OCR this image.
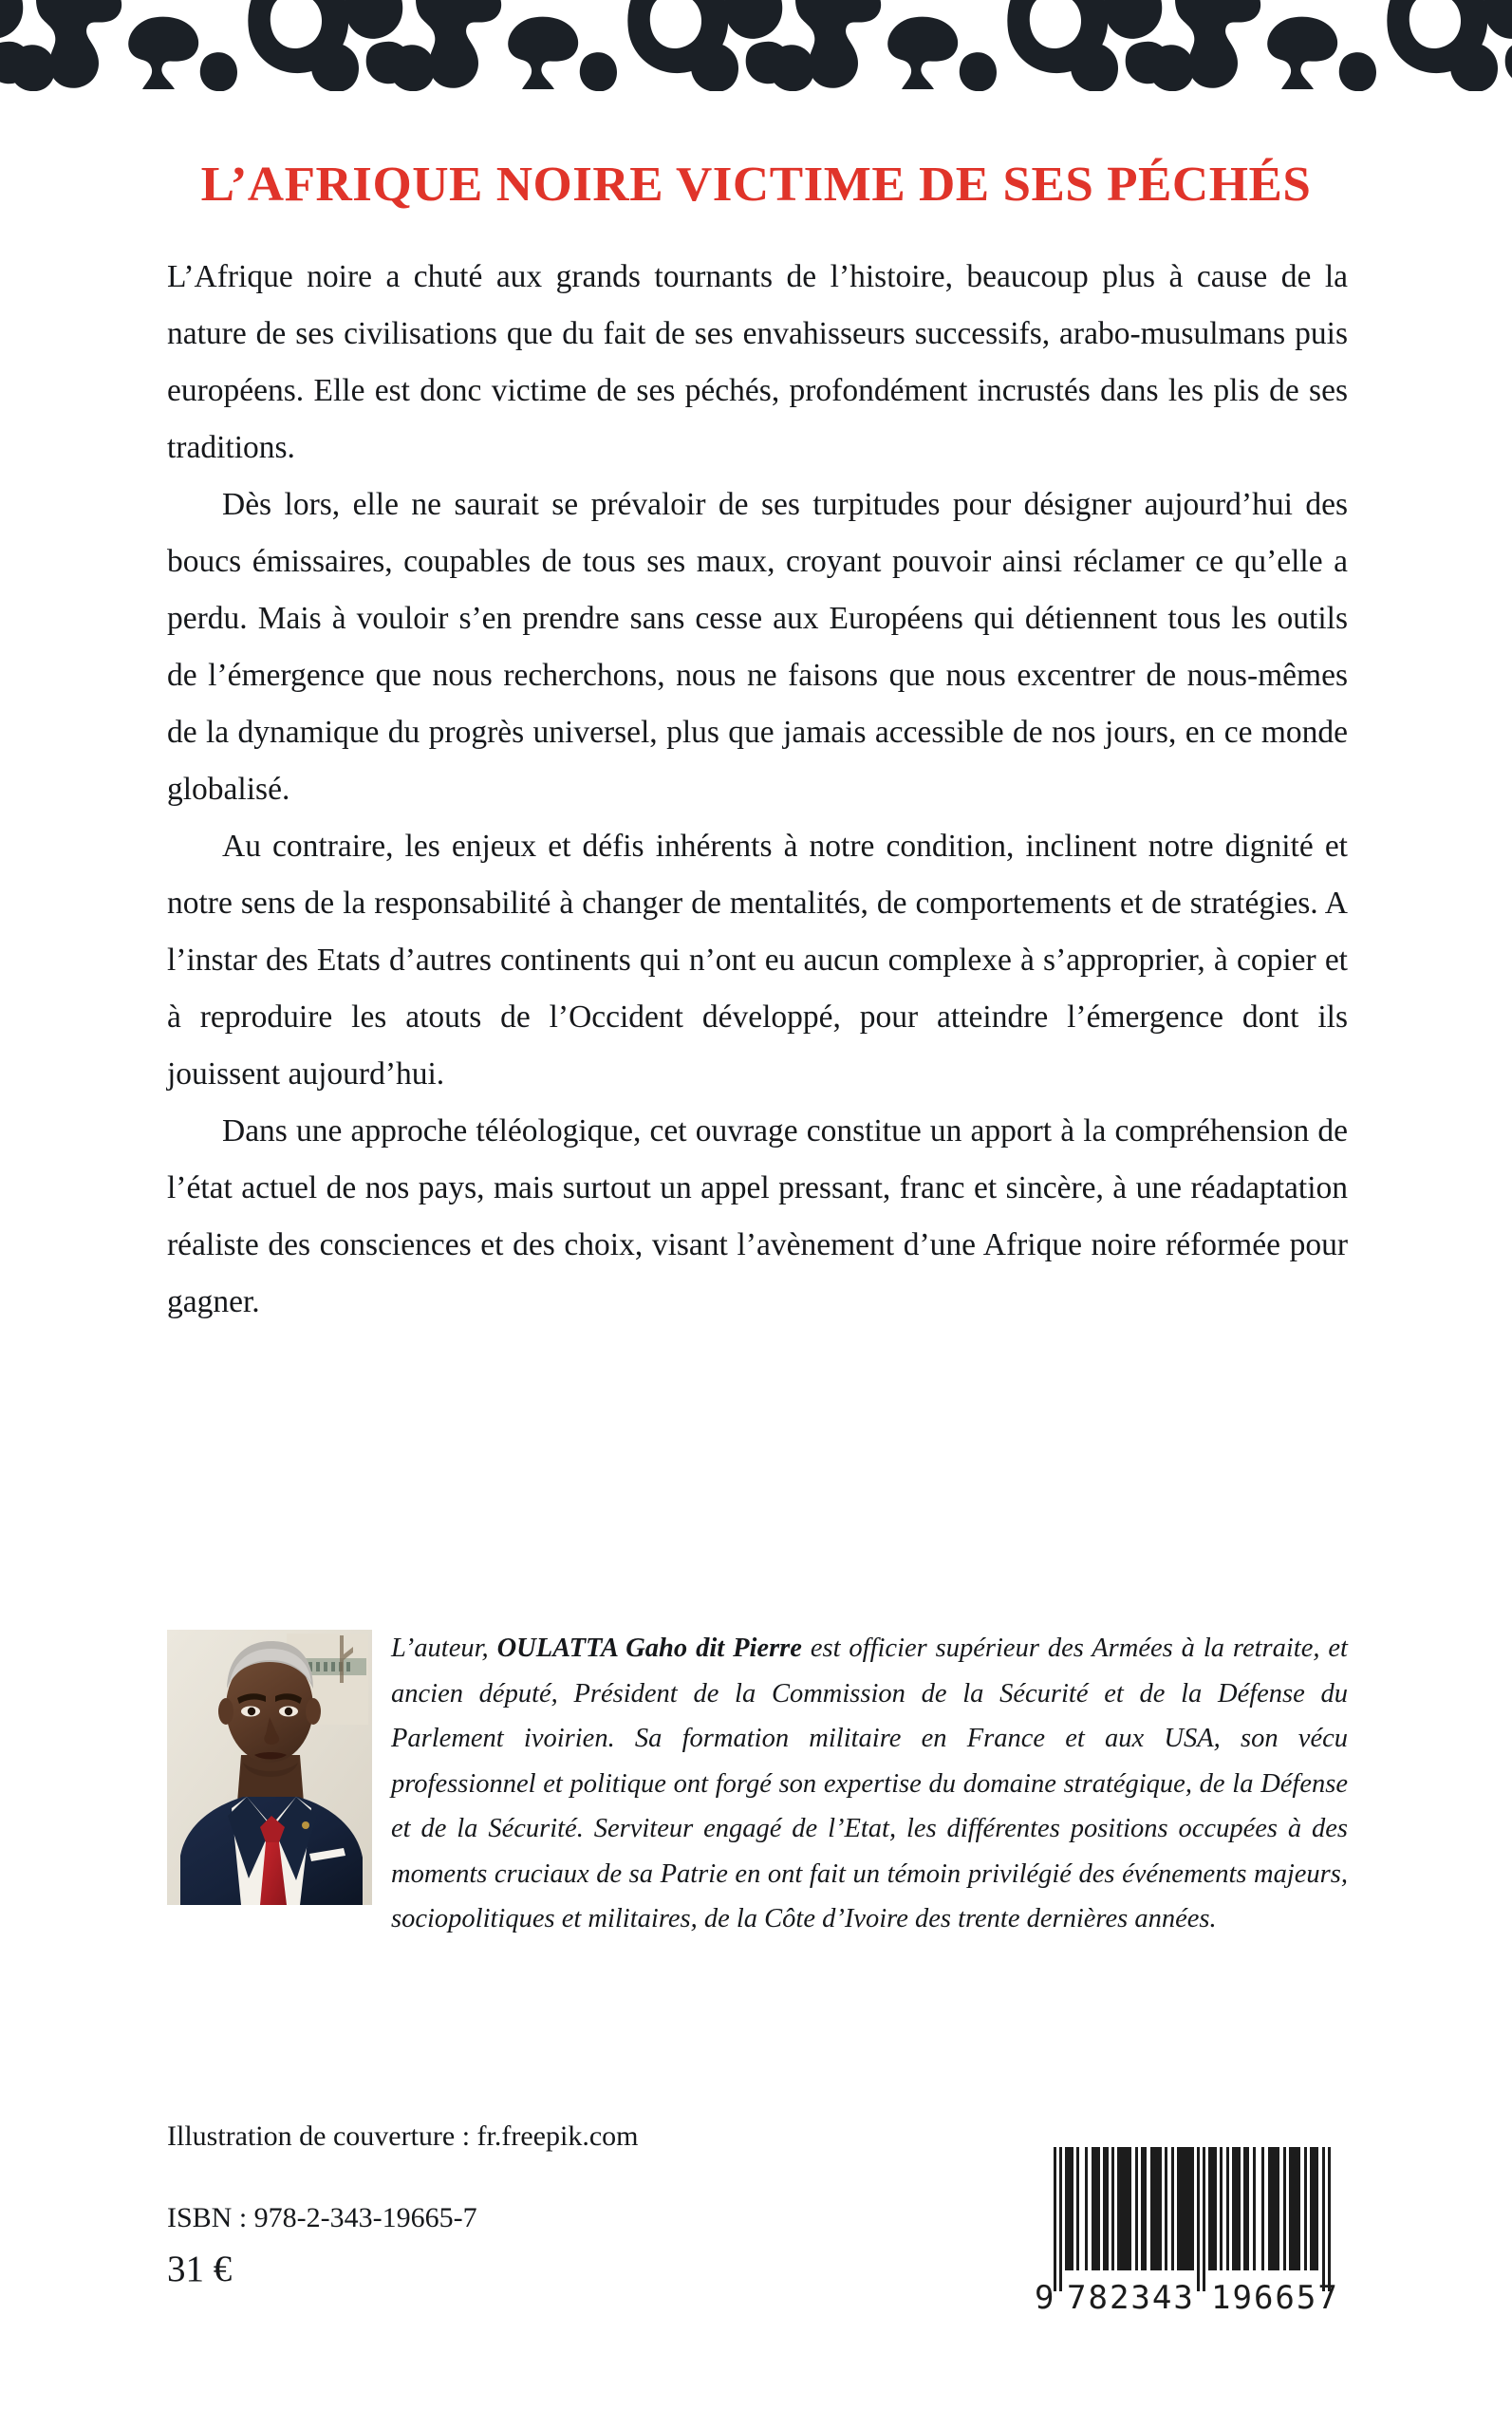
L’AFRIQUE NOIRE VICTIME DE SES PÉCHÉS

L’Afrique noire a chuté aux grands tournants de l’histoire, beaucoup plus à cause de la nature de ses civilisations que du fait de ses envahisseurs successifs, arabo-musulmans puis européens. Elle est donc victime de ses péchés, profondément incrustés dans les plis de ses traditions.

Dès lors, elle ne saurait se prévaloir de ses turpitudes pour désigner aujourd’hui des boucs émissaires, coupables de tous ses maux, croyant pouvoir ainsi réclamer ce qu’elle a perdu. Mais à vouloir s’en prendre sans cesse aux Européens qui détiennent tous les outils de l’émergence que nous recherchons, nous ne faisons que nous excentrer de nous-mêmes de la dynamique du progrès universel, plus que jamais accessible de nos jours, en ce monde globalisé.

Au contraire, les enjeux et défis inhérents à notre condition, inclinent notre dignité et notre sens de la responsabilité à changer de mentalités, de comportements et de stratégies. A l’instar des Etats d’autres continents qui n’ont eu aucun complexe à s’approprier, à copier et à reproduire les atouts de l’Occident développé, pour atteindre l’émergence dont ils jouissent aujourd’hui.

Dans une approche téléologique, cet ouvrage constitue un apport à la compréhension de l’état actuel de nos pays, mais surtout un appel pressant, franc et sincère, à une réadaptation réaliste des consciences et des choix, visant l’avènement d’une Afrique noire réformée pour gagner.

L’auteur, OULATTA Gaho dit Pierre est officier supérieur des Armées à la retraite, et ancien député, Président de la Commission de la Sécurité et de la Défense du Parlement ivoirien. Sa formation militaire en France et aux USA, son vécu professionnel et politique ont forgé son expertise du domaine stratégique, de la Défense et de la Sécurité. Serviteur engagé de l’Etat, les différentes positions occupées à des moments cruciaux de sa Patrie en ont fait un témoin privilégié des événements majeurs, sociopolitiques et militaires, de la Côte d’Ivoire des trente dernières années.

Illustration de couverture : fr.freepik.com

ISBN : 978-2-343-19665-7

31 €

9 782343 196657
